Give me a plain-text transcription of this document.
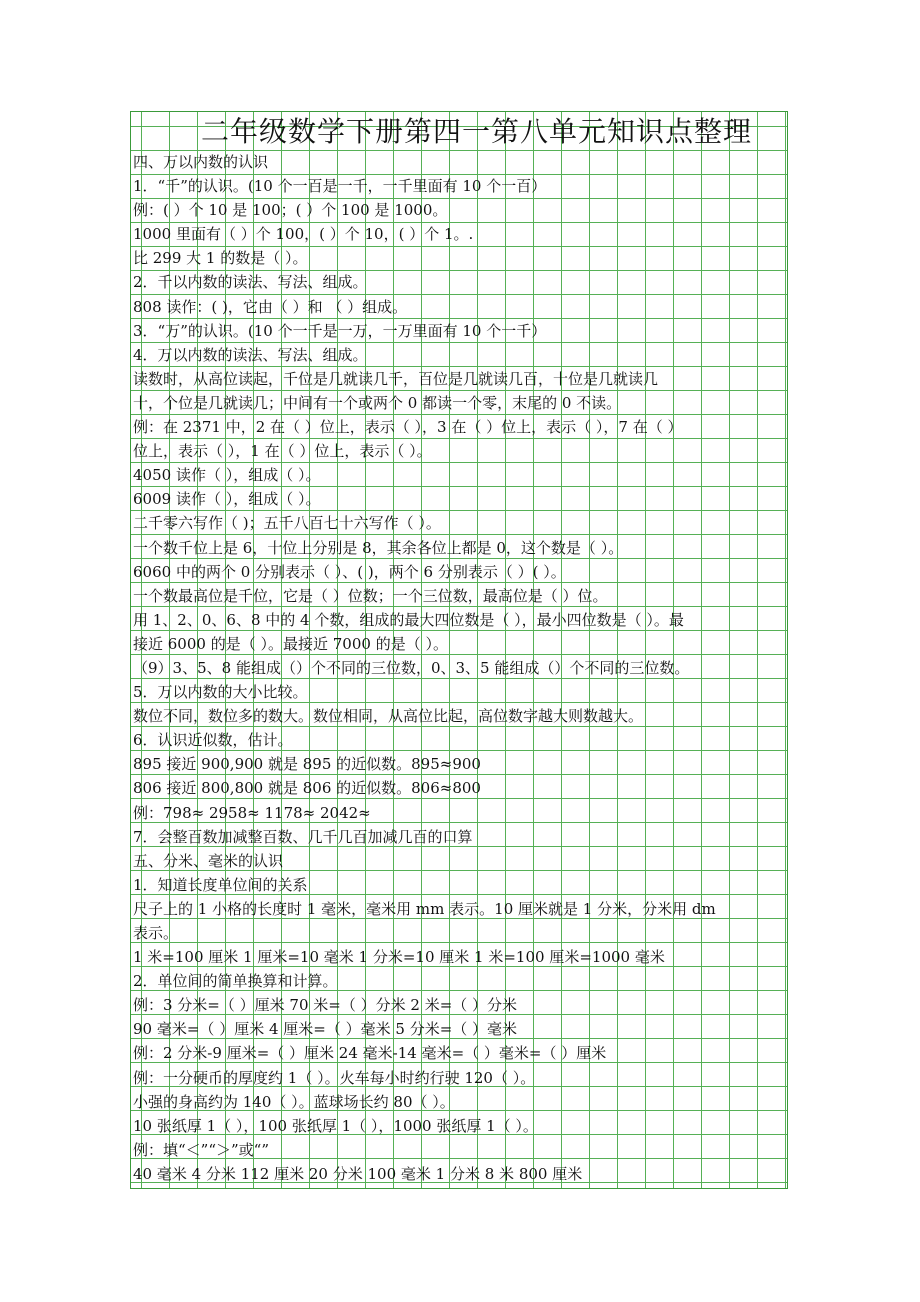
二年级数学下册第四一第八单元知识点整理
四、万以内数的认识
1．“千”的认识。(10 个一百是一千，一千里面有 10 个一百）
例：( ）个 10 是 100；( ）个 100 是 1000。
1000 里面有（ ）个 100，( ）个 10，( ）个 1。.
比 299 大 1 的数是（ ）。
2．千以内数的读法、写法、组成。
808 读作：( )，它由（ ）和 （ ）组成。
3．“万”的认识。(10 个一千是一万，一万里面有 10 个一千）
4．万以内数的读法、写法、组成。
读数时，从高位读起，千位是几就读几千，百位是几就读几百，十位是几就读几
十，个位是几就读几；中间有一个或两个 0 都读一个零，末尾的 0 不读。
例：在 2371 中，2 在（ ）位上，表示（ ），3 在（ ）位上，表示（ ），7 在（ ）
位上，表示（ ），1 在（ ）位上，表示（ ）。
4050 读作（ ），组成（ ）。
6009 读作（ ），组成（ ）。
二千零六写作（ )；五千八百七十六写作（ ）。
一个数千位上是 6，十位上分别是 8，其余各位上都是 0，这个数是（ ）。
6060 中的两个 0 分别表示（ ）、( )，两个 6 分别表示（ ）( ）。
一个数最高位是千位，它是（ ）位数；一个三位数，最高位是（ ）位。
用 1、2、0、6、8 中的 4 个数，组成的最大四位数是（ ），最小四位数是（ ）。最
接近 6000 的是（ ）。最接近 7000 的是（ ）。
（9）3、5、8 能组成（）个不同的三位数，0、3、5 能组成（）个不同的三位数。
5．万以内数的大小比较。
数位不同，数位多的数大。数位相同，从高位比起，高位数字越大则数越大。
6．认识近似数，估计。
895 接近 900,900 就是 895 的近似数。895≈900
806 接近 800,800 就是 806 的近似数。806≈800
例：798≈ 2958≈ 1178≈ 2042≈
7．会整百数加减整百数、几千几百加减几百的口算
五、分米、毫米的认识
1．知道长度单位间的关系
尺子上的 1 小格的长度时 1 毫米，毫米用 mm 表示。10 厘米就是 1 分米，分米用 dm
表示。
1 米=100 厘米 1 厘米=10 毫米 1 分米=10 厘米 1 米=100 厘米=1000 毫米
2．单位间的简单换算和计算。
例：3 分米=（ ）厘米 70 米=（ ）分米 2 米=（ ）分米
90 毫米=（ ）厘米 4 厘米=（ ）毫米 5 分米=（ ）毫米
例：2 分米-9 厘米=（ ）厘米 24 毫米-14 毫米=（ ）毫米=（ ）厘米
例：一分硬币的厚度约 1（ ）。火车每小时约行驶 120（ ）。
小强的身高约为 140（ ）。蓝球场长约 80（ ）。
10 张纸厚 1（ ），100 张纸厚 1（ ），1000 张纸厚 1（ ）。
例：填“＜”“＞”或“”
40 毫米 4 分米 112 厘米 20 分米 100 毫米 1 分米 8 米 800 厘米
